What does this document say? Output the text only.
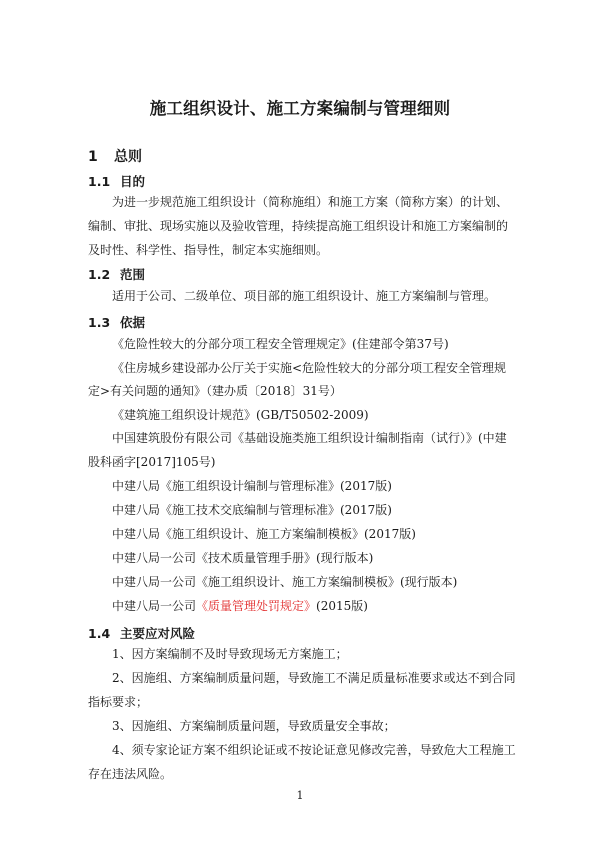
施工组织设计、施工方案编制与管理细则
1 总则
1.1 目的
为进一步规范施工组织设计（简称施组）和施工方案（简称方案）的计划、
编制、审批、现场实施以及验收管理，持续提高施工组织设计和施工方案编制的
及时性、科学性、指导性，制定本实施细则。
1.2 范围
适用于公司、二级单位、项目部的施工组织设计、施工方案编制与管理。
1.3 依据
《危险性较大的分部分项工程安全管理规定》(住建部令第37号)
《住房城乡建设部办公厅关于实施<危险性较大的分部分项工程安全管理规
定>有关问题的通知》（建办质〔2018〕31号）
《建筑施工组织设计规范》(GB/T50502-2009)
中国建筑股份有限公司《基础设施类施工组织设计编制指南（试行）》(中建
股科函字[2017]105号)
中建八局《施工组织设计编制与管理标准》(2017版)
中建八局《施工技术交底编制与管理标准》(2017版)
中建八局《施工组织设计、施工方案编制模板》(2017版)
中建八局一公司《技术质量管理手册》(现行版本)
中建八局一公司《施工组织设计、施工方案编制模板》(现行版本)
中建八局一公司《质量管理处罚规定》(2015版)
1.4 主要应对风险
1、因方案编制不及时导致现场无方案施工；
2、因施组、方案编制质量问题，导致施工不满足质量标准要求或达不到合同
指标要求；
3、因施组、方案编制质量问题，导致质量安全事故；
4、须专家论证方案不组织论证或不按论证意见修改完善，导致危大工程施工
存在违法风险。
1
